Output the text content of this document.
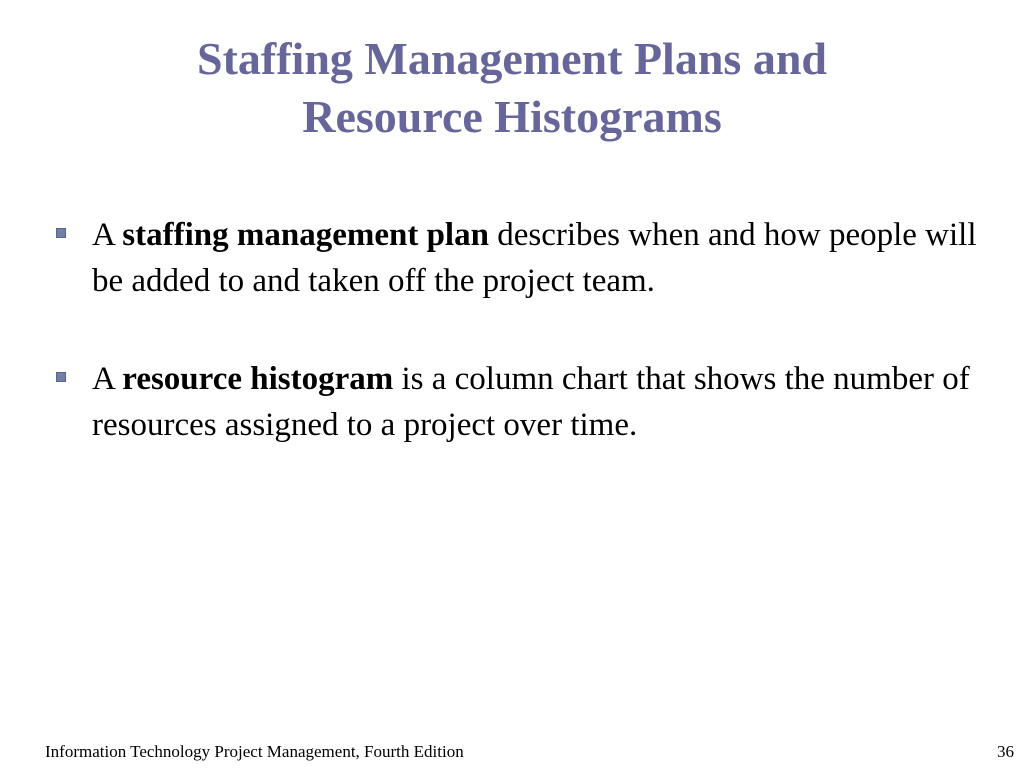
Staffing Management Plans and
Resource Histograms
A staffing management plan describes when and how people will be added to and taken off the project team.
A resource histogram is a column chart that shows the number of resources assigned to a project over time.
Information Technology Project Management, Fourth Edition	36
